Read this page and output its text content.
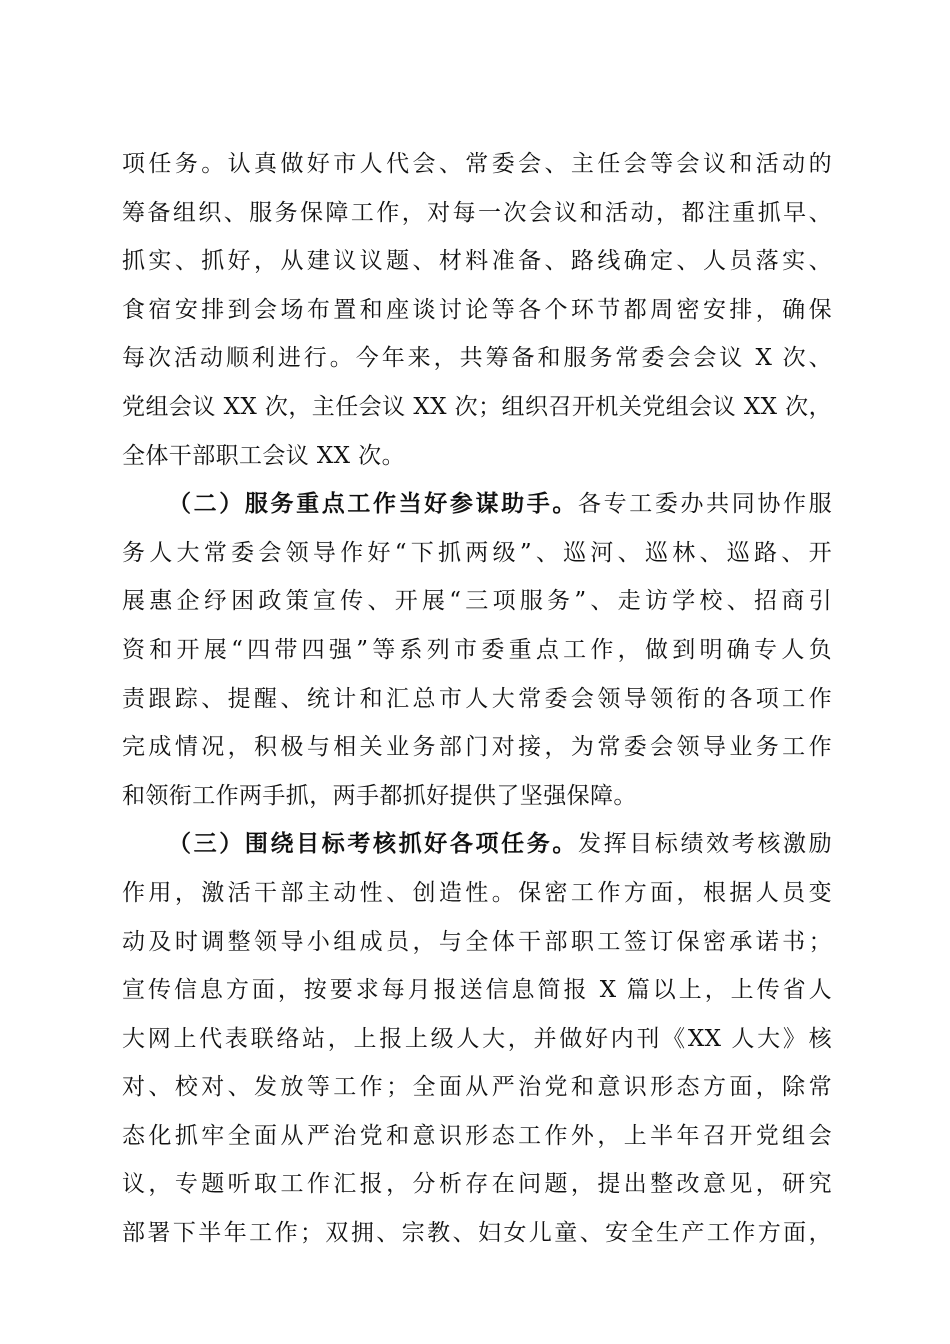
项任务。认真做好市人代会、常委会、主任会等会议和活动的
筹备组织、服务保障工作，对每一次会议和活动，都注重抓早、
抓实、抓好，从建议议题、材料准备、路线确定、人员落实、
食宿安排到会场布置和座谈讨论等各个环节都周密安排，确保
每次活动顺利进行。今年来，共筹备和服务常委会会议 X 次、
党组会议 XX 次，主任会议 XX 次；组织召开机关党组会议 XX 次，
全体干部职工会议 XX 次。
（二）服务重点工作当好参谋助手。各专工委办共同协作服
务人大常委会领导作好“下抓两级”、巡河、巡林、巡路、开
展惠企纾困政策宣传、开展“三项服务”、走访学校、招商引
资和开展“四带四强”等系列市委重点工作，做到明确专人负
责跟踪、提醒、统计和汇总市人大常委会领导领衔的各项工作
完成情况，积极与相关业务部门对接，为常委会领导业务工作
和领衔工作两手抓，两手都抓好提供了坚强保障。
（三）围绕目标考核抓好各项任务。发挥目标绩效考核激励
作用，激活干部主动性、创造性。保密工作方面，根据人员变
动及时调整领导小组成员，与全体干部职工签订保密承诺书；
宣传信息方面，按要求每月报送信息简报 X 篇以上，上传省人
大网上代表联络站，上报上级人大，并做好内刊《XX 人大》核
对、校对、发放等工作；全面从严治党和意识形态方面，除常
态化抓牢全面从严治党和意识形态工作外，上半年召开党组会
议，专题听取工作汇报，分析存在问题，提出整改意见，研究
部署下半年工作；双拥、宗教、妇女儿童、安全生产工作方面，
